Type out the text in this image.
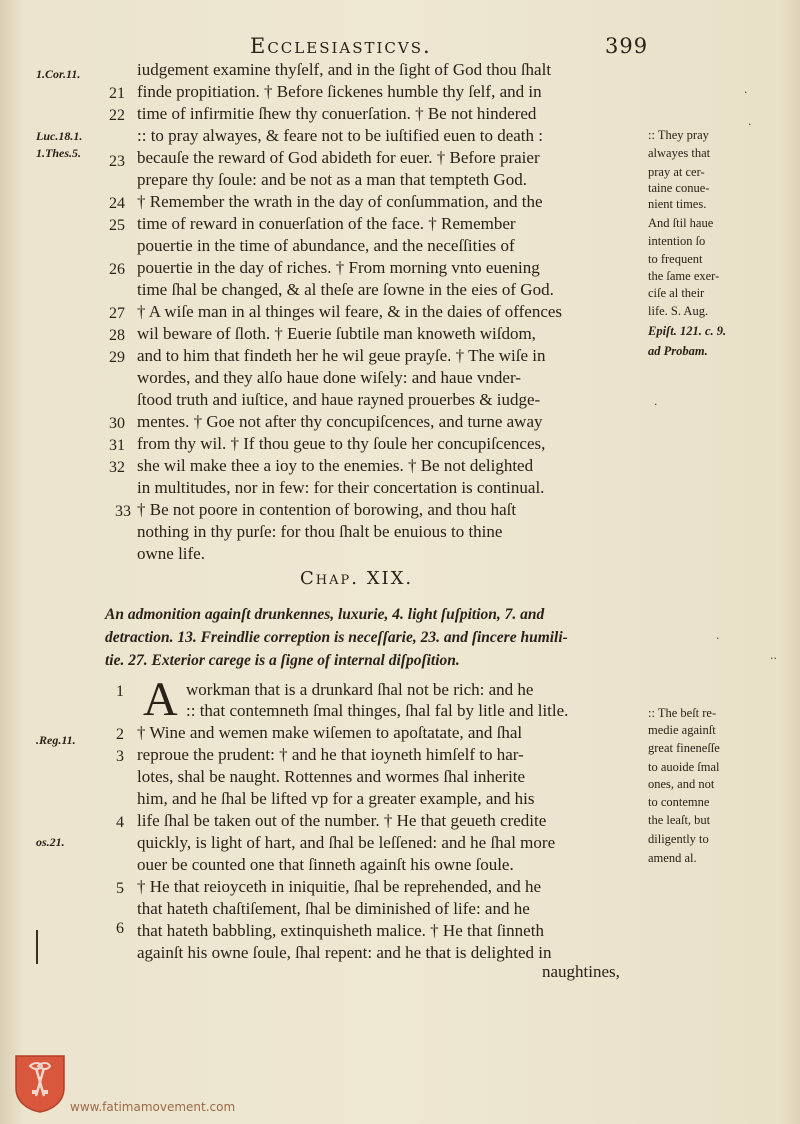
Ecclesiasticvs.	399
1.Cor.11.
Luc.18.1.
1.Thes.5.
.Reg.11.
os.21.
iudgement examine thyſelf, and in the ſight of God thou ſhalt
finde propitiation. † Before ſickenes humble thy ſelf, and in
time of infirmitie ſhew thy conuerſation. † Be not hindered
:: to pray alwayes, & feare not to be iuſtified euen to death :
becauſe the reward of God abideth for euer. † Before praier
prepare thy ſoule: and be not as a man that tempteth God.
† Remember the wrath in the day of conſummation, and the
time of reward in conuerſation of the face. † Remember
pouertie in the time of abundance, and the neceſſities of
pouertie in the day of riches. † From morning vnto euening
time ſhal be changed, & al theſe are ſowne in the eies of God.
† A wiſe man in al thinges wil feare, & in the daies of offences
wil beware of ſloth. † Euerie ſubtile man knoweth wiſdom,
and to him that findeth her he wil geue prayſe. † The wiſe in
wordes, and they alſo haue done wiſely: and haue vnder-
ſtood truth and iuſtice, and haue rayned prouerbes & iudge-
mentes. † Goe not after thy concupiſcences, and turne away
from thy wil. † If thou geue to thy ſoule her concupiſcences,
she wil make thee a ioy to the enemies. † Be not delighted
in multitudes, nor in few: for their concertation is continual.
† Be not poore in contention of borowing, and thou haſt
nothing in thy purſe: for thou ſhalt be enuious to thine
owne life.
21
22
23
24
25
26
27
28
29
30
31
32
33
:: They pray
alwayes that
pray at cer-
taine conue-
nient times.
And ſtil haue
intention ſo
to frequent
the ſame exer-
ciſe al their
life. S. Aug.
Epiſt. 121. c. 9.
ad Probam.
Chap. XIX.
An admonition againſt drunkennes, luxurie, 4. light ſuſpition, 7. and
detraction. 13. Freindlie correption is neceſſarie, 23. and ſincere humili-
tie. 27. Exterior carege is a ſigne of internal diſpoſition.
A workman that is a drunkard ſhal not be rich: and he
:: that contemneth ſmal thinges, ſhal fal by litle and litle.
† Wine and wemen make wiſemen to apoſtatate, and ſhal
reproue the prudent: † and he that ioyneth himſelf to har-
lotes, shal be naught. Rottennes and wormes ſhal inherite
him, and he ſhal be lifted vp for a greater example, and his
life ſhal be taken out of the number. † He that geueth credite
quickly, is light of hart, and ſhal be leſſened: and he ſhal more
ouer be counted one that ſinneth againſt his owne ſoule.
† He that reioyceth in iniquitie, ſhal be reprehended, and he
that hateth chaſtiſement, ſhal be diminished of life: and he
that hateth babbling, extinquisheth malice. † He that ſinneth
againſt his owne ſoule, ſhal repent: and he that is delighted in
1
2
3
4
5
6
:: The beſt re-
medie againſt
great fineneſſe
to auoide ſmal
ones, and not
to contemne
the leaſt, but
diligently to
amend al.
naughtines,
·
·
·
·
··
www.fatimamovement.com
